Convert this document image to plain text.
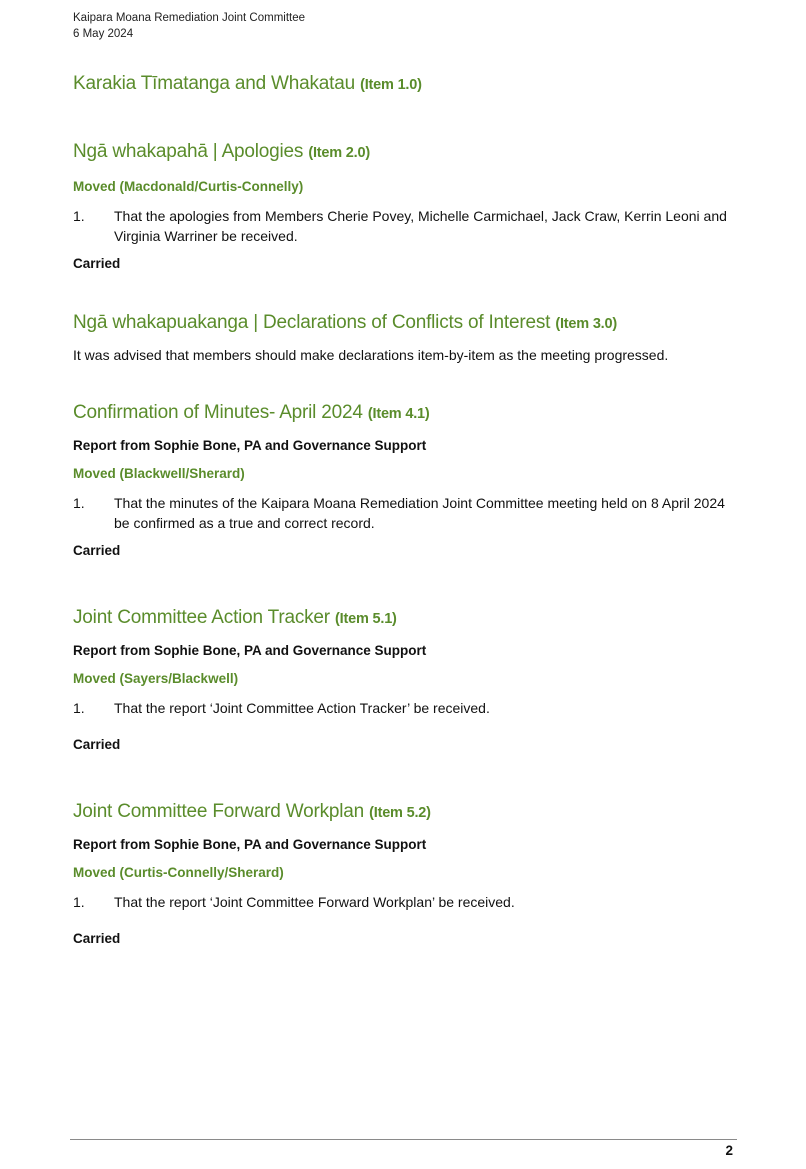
Kaipara Moana Remediation Joint Committee
6 May 2024
Karakia Tīmatanga and Whakatau (Item 1.0)
Ngā whakapahā | Apologies (Item 2.0)
Moved (Macdonald/Curtis-Connelly)
1. That the apologies from Members Cherie Povey, Michelle Carmichael, Jack Craw, Kerrin Leoni and Virginia Warriner be received.
Carried
Ngā whakapuakanga | Declarations of Conflicts of Interest (Item 3.0)
It was advised that members should make declarations item-by-item as the meeting progressed.
Confirmation of Minutes- April 2024 (Item 4.1)
Report from Sophie Bone, PA and Governance Support
Moved (Blackwell/Sherard)
1. That the minutes of the Kaipara Moana Remediation Joint Committee meeting held on 8 April 2024 be confirmed as a true and correct record.
Carried
Joint Committee Action Tracker (Item 5.1)
Report from Sophie Bone, PA and Governance Support
Moved (Sayers/Blackwell)
1. That the report ‘Joint Committee Action Tracker’ be received.
Carried
Joint Committee Forward Workplan (Item 5.2)
Report from Sophie Bone, PA and Governance Support
Moved (Curtis-Connelly/Sherard)
1. That the report ‘Joint Committee Forward Workplan’ be received.
Carried
2
